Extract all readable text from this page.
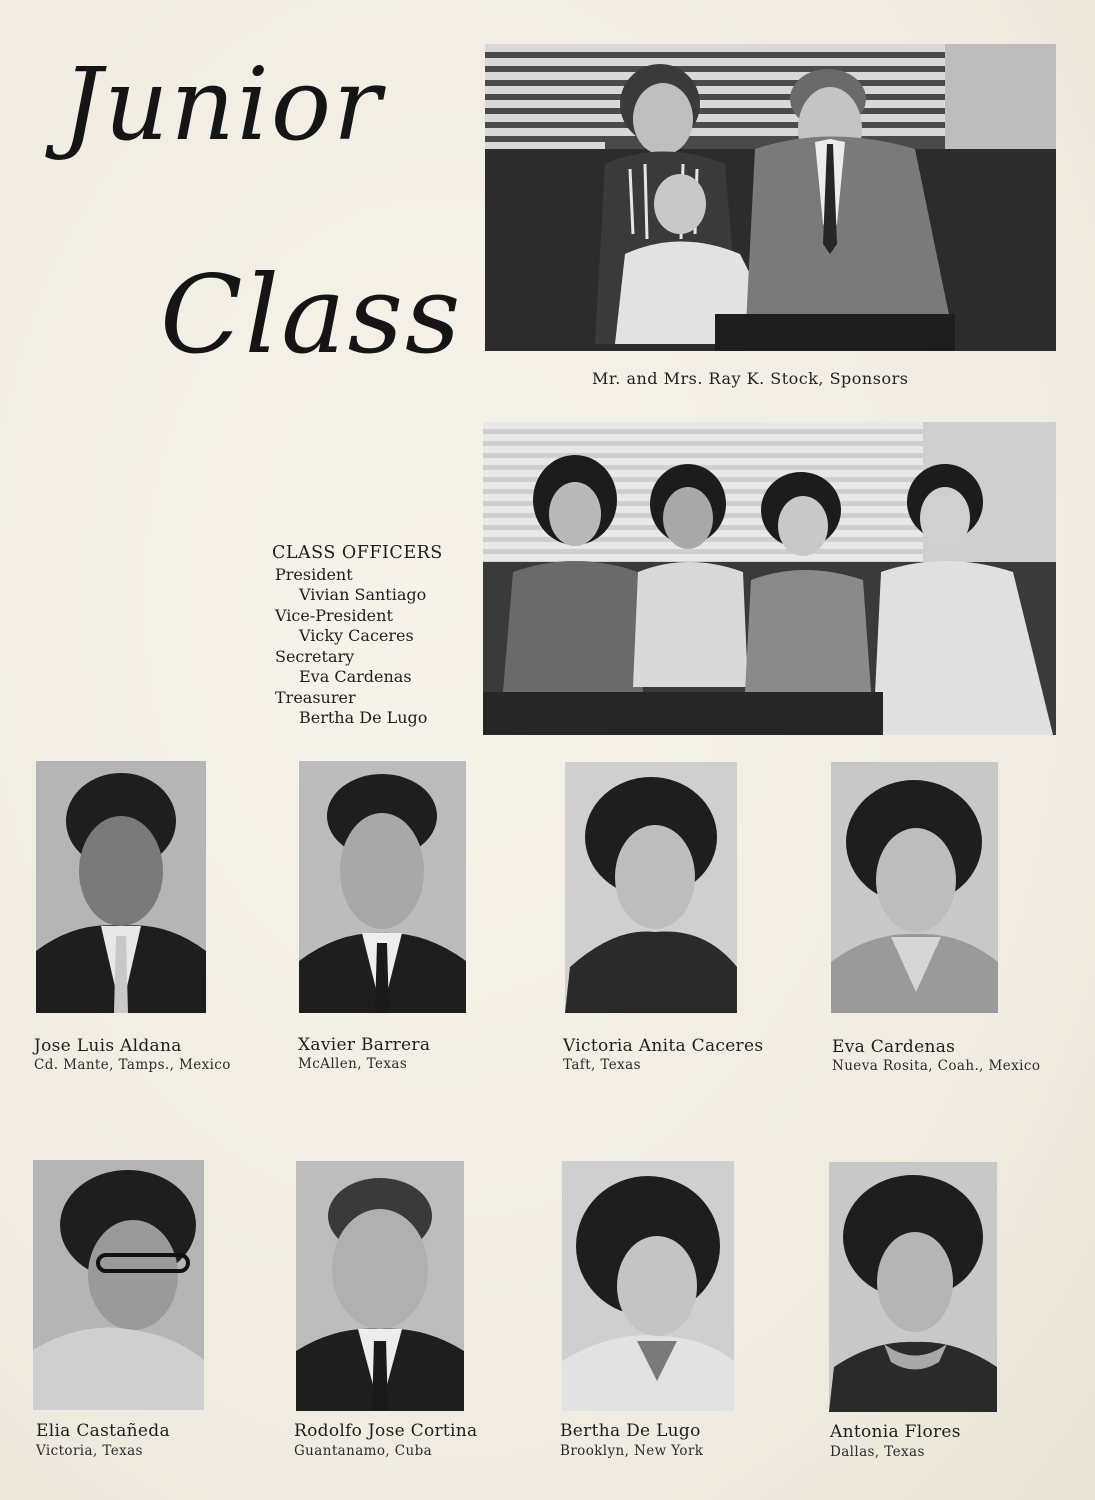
Junior
Class
Mr. and Mrs. Ray K. Stock, Sponsors
CLASS OFFICERS
President
Vivian Santiago
Vice-President
Vicky Caceres
Secretary
Eva Cardenas
Treasurer
Bertha De Lugo
Jose Luis Aldana
Cd. Mante, Tamps., Mexico
Xavier Barrera
McAllen, Texas
Victoria Anita Caceres
Taft, Texas
Eva Cardenas
Nueva Rosita, Coah., Mexico
Elia Castañeda
Victoria, Texas
Rodolfo Jose Cortina
Guantanamo, Cuba
Bertha De Lugo
Brooklyn, New York
Antonia Flores
Dallas, Texas
